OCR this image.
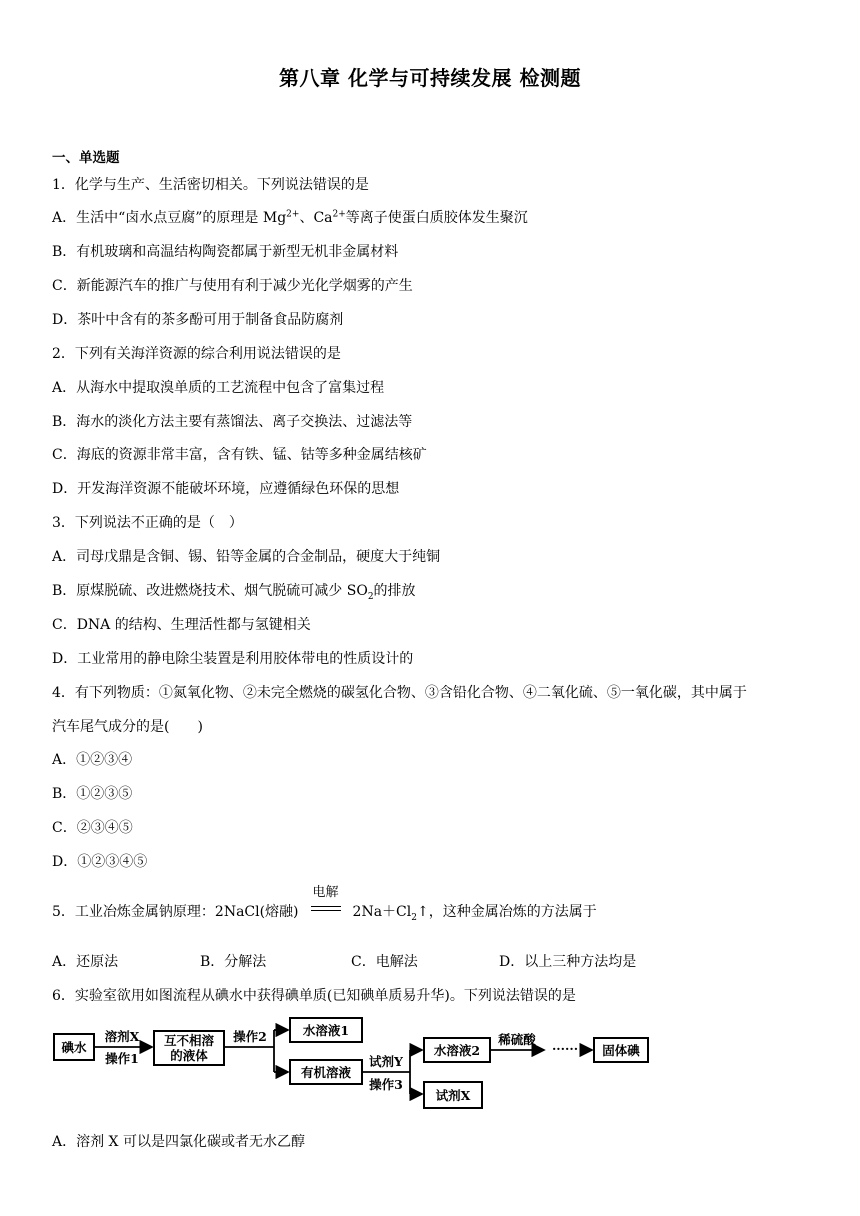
第八章 化学与可持续发展 检测题
一、单选题
1．化学与生产、生活密切相关。下列说法错误的是
A．生活中“卤水点豆腐”的原理是 $Mg^{2+}$、$Ca^{2+}$等离子使蛋白质胶体发生聚沉
B．有机玻璃和高温结构陶瓷都属于新型无机非金属材料
C．新能源汽车的推广与使用有利于减少光化学烟雾的产生
D．茶叶中含有的茶多酚可用于制备食品防腐剂
2．下列有关海洋资源的综合利用说法错误的是
A．从海水中提取溴单质的工艺流程中包含了富集过程
B．海水的淡化方法主要有蒸馏法、离子交换法、过滤法等
C．海底的资源非常丰富，含有铁、锰、钴等多种金属结核矿
D．开发海洋资源不能破坏环境，应遵循绿色环保的思想
3．下列说法不正确的是（　）
A．司母戊鼎是含铜、锡、铅等金属的合金制品，硬度大于纯铜
B．原煤脱硫、改进燃烧技术、烟气脱硫可减少 $SO_2$的排放
C．DNA 的结构、生理活性都与氢键相关
D．工业常用的静电除尘装置是利用胶体带电的性质设计的
4．有下列物质：①氮氧化物、②未完全燃烧的碳氢化合物、③含铅化合物、④二氧化硫、⑤一氧化碳，其中属于
汽车尾气成分的是(　　)
A．①②③④
B．①②③⑤
C．②③④⑤
D．①②③④⑤
5．工业冶炼金属钠原理：2NaCl(熔融)
电解
$2Na+Cl_2↑$，这种金属冶炼的方法属于
A．还原法	B．分解法	C．电解法	D．以上三种方法均是
6．实验室欲用如图流程从碘水中获得碘单质(已知碘单质易升华)。下列说法错误的是
碘水
溶剂X
操作1
互不相溶
的液体
操作2	水溶液1
有机溶液
试剂Y
操作3
水溶液2
试剂X
稀硫酸
······ 固体碘
A．溶剂 X 可以是四氯化碳或者无水乙醇
